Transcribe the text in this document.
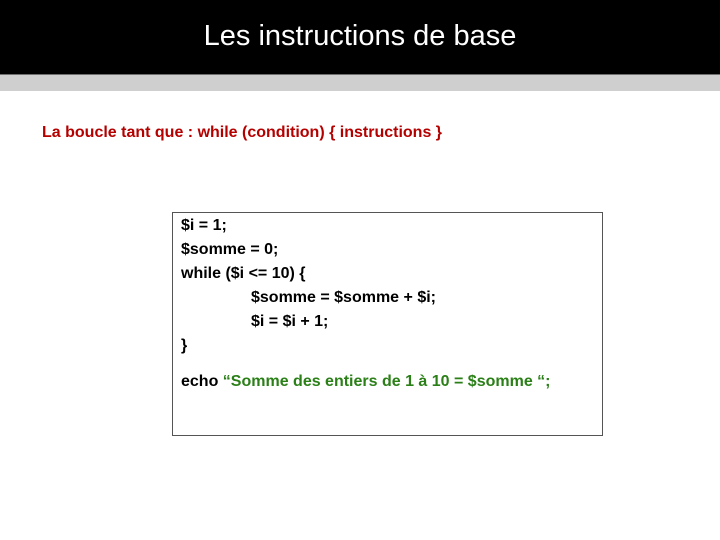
Les instructions de base
La boucle tant que : while (condition) { instructions }
$i = 1;
$somme = 0;
while ($i <= 10) {
$somme = $somme + $i;
$i = $i + 1;
}
echo “Somme des entiers de 1 à 10 = $somme “;
